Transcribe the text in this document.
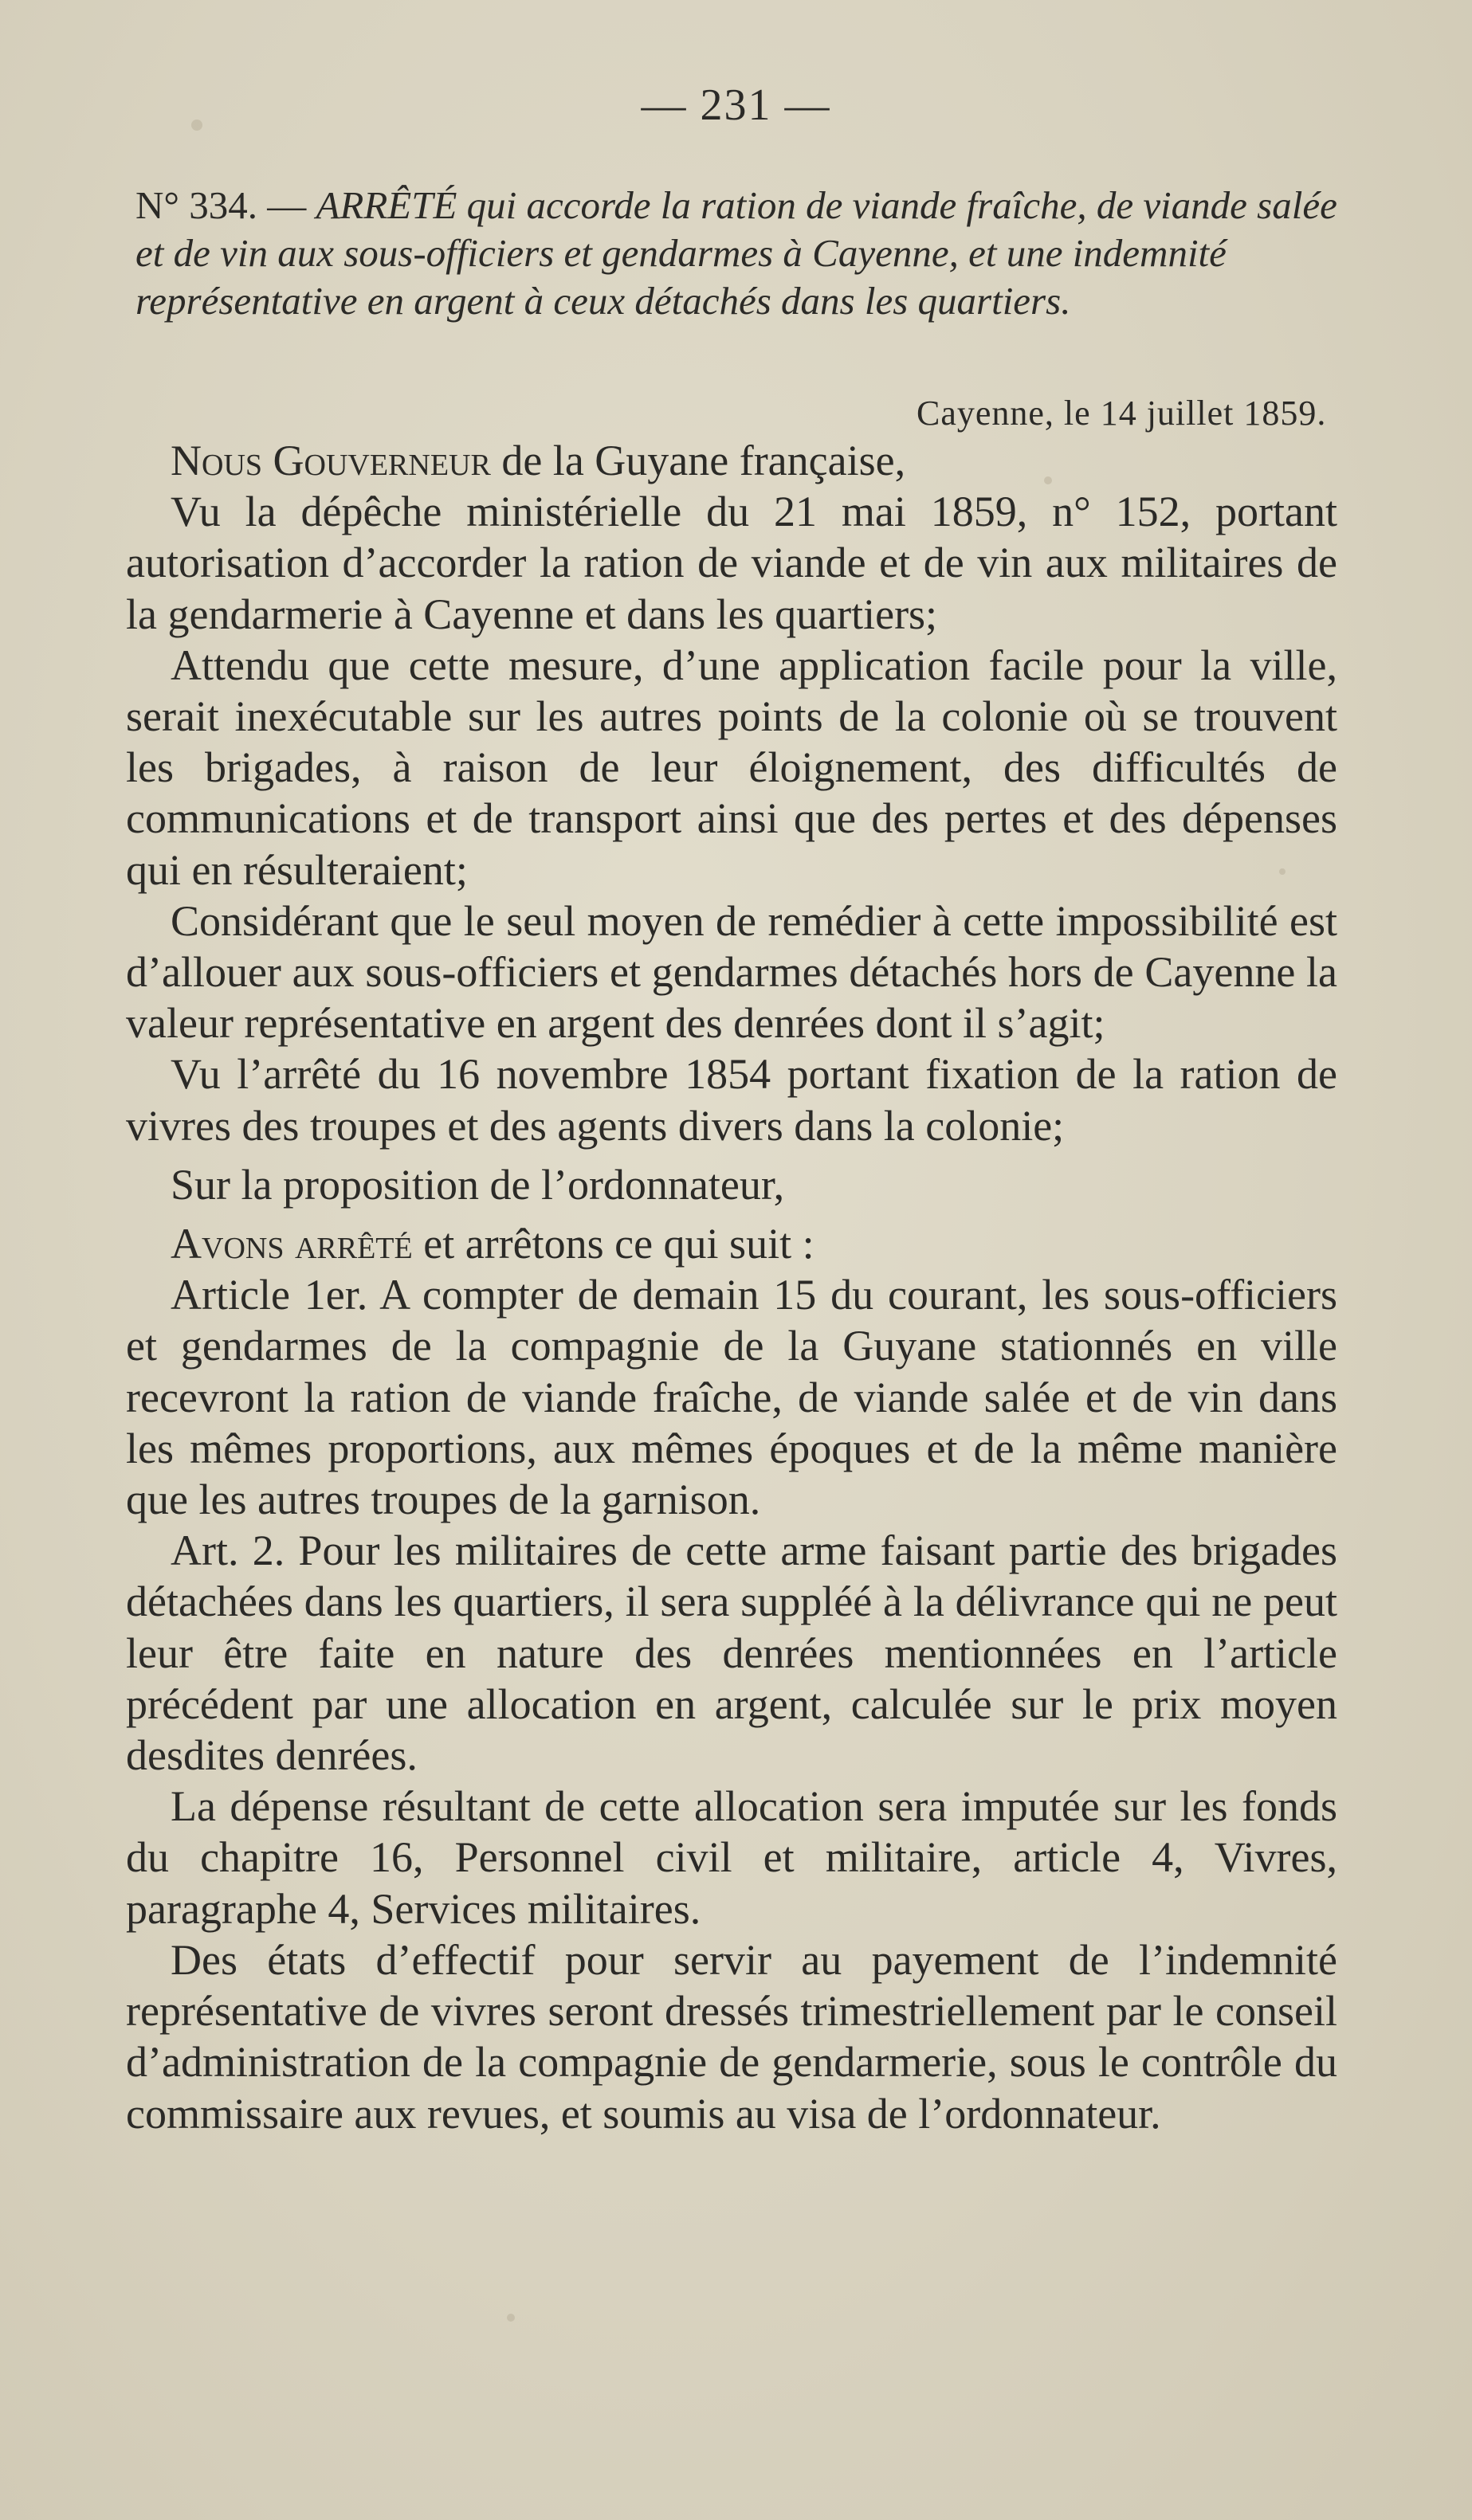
— 231 —
N° 334. — ARRÊTÉ qui accorde la ration de viande fraîche, de viande salée et de vin aux sous-officiers et gendarmes à Cayenne, et une indemnité représentative en argent à ceux détachés dans les quartiers.
Cayenne, le 14 juillet 1859.

Nous Gouverneur de la Guyane française,

Vu la dépêche ministérielle du 21 mai 1859, n° 152, portant autorisation d’accorder la ration de viande et de vin aux militaires de la gendarmerie à Cayenne et dans les quartiers;

Attendu que cette mesure, d’une application facile pour la ville, serait inexécutable sur les autres points de la colonie où se trouvent les brigades, à raison de leur éloignement, des difficultés de communications et de transport ainsi que des pertes et des dépenses qui en résulteraient;

Considérant que le seul moyen de remédier à cette impossibilité est d’allouer aux sous-officiers et gendarmes détachés hors de Cayenne la valeur représentative en argent des denrées dont il s’agit;

Vu l’arrêté du 16 novembre 1854 portant fixation de la ration de vivres des troupes et des agents divers dans la colonie;

Sur la proposition de l’ordonnateur,

Avons arrêté et arrêtons ce qui suit :

Article 1er. A compter de demain 15 du courant, les sous-officiers et gendarmes de la compagnie de la Guyane stationnés en ville recevront la ration de viande fraîche, de viande salée et de vin dans les mêmes proportions, aux mêmes époques et de la même manière que les autres troupes de la garnison.

Art. 2. Pour les militaires de cette arme faisant partie des brigades détachées dans les quartiers, il sera suppléé à la délivrance qui ne peut leur être faite en nature des denrées mentionnées en l’article précédent par une allocation en argent, calculée sur le prix moyen desdites denrées.

La dépense résultant de cette allocation sera imputée sur les fonds du chapitre 16, Personnel civil et militaire, article 4, Vivres, paragraphe 4, Services militaires.

Des états d’effectif pour servir au payement de l’indemnité représentative de vivres seront dressés trimestriellement par le conseil d’administration de la compagnie de gendarmerie, sous le contrôle du commissaire aux revues, et soumis au visa de l’ordonnateur.
